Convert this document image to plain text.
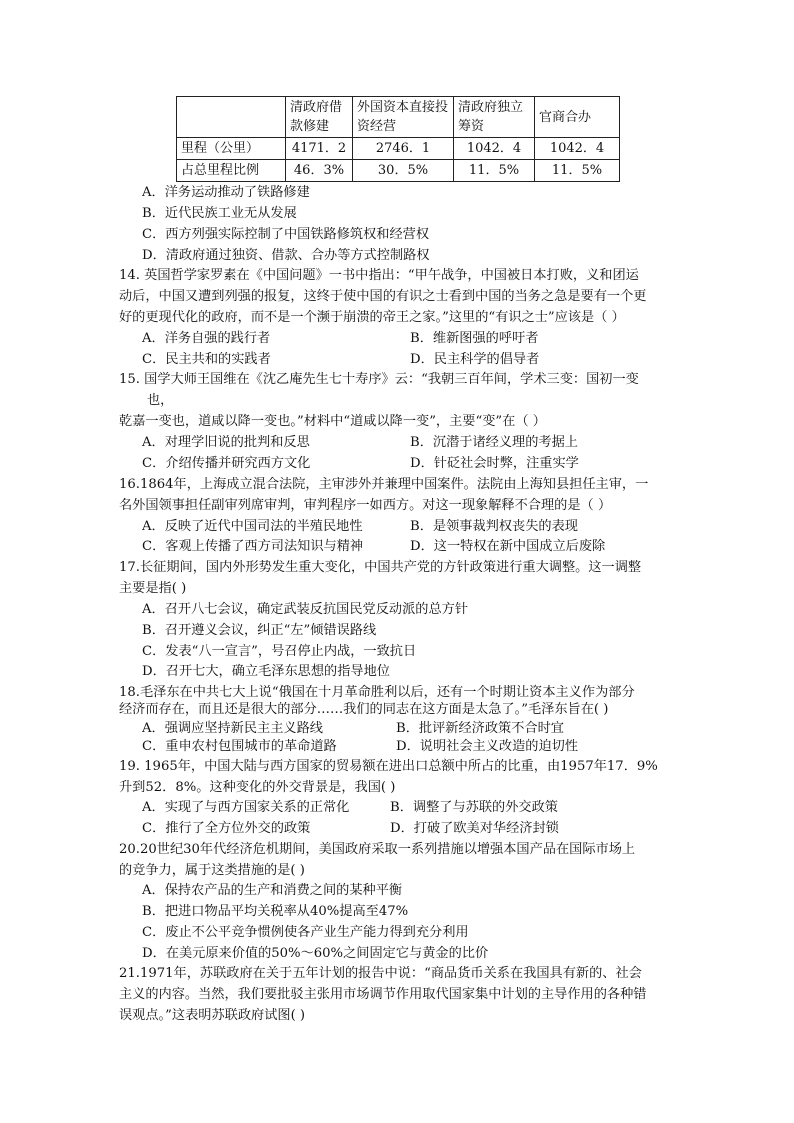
	清政府借款修建	外国资本直接投资经营	清政府独立筹资	官商合办
里程（公里）	4171．2	2746．1	1042．4	1042．4
占总里程比例	46．3%	30．5%	11．5%	11．5%
A．洋务运动推动了铁路修建
B．近代民族工业无从发展
C．西方列强实际控制了中国铁路修筑权和经营权
D．清政府通过独资、借款、合办等方式控制路权
14. 英国哲学家罗素在《中国问题》一书中指出：“甲午战争，中国被日本打败，义和团运
动后，中国又遭到列强的报复，这终于使中国的有识之士看到中国的当务之急是要有一个更
好的更现代化的政府，而不是一个濒于崩溃的帝王之家。”这里的“有识之士”应该是（ ）
A．洋务自强的践行者	B．维新图强的呼吁者
C．民主共和的实践者	D．民主科学的倡导者
15. 国学大师王国维在《沈乙庵先生七十寿序》云：“我朝三百年间，学术三变：国初一变
也，
乾嘉一变也，道咸以降一变也。”材料中“道咸以降一变”，主要“变”在（ ）
A．对理学旧说的批判和反思	B．沉潜于诸经义理的考据上
C．介绍传播并研究西方文化	D．针砭社会时弊，注重实学
16.1864年，上海成立混合法院，主审涉外并兼理中国案件。法院由上海知县担任主审，一
名外国领事担任副审列席审判，审判程序一如西方。对这一现象解释不合理的是（ ）
A．反映了近代中国司法的半殖民地性	B．是领事裁判权丧失的表现
C．客观上传播了西方司法知识与精神	D．这一特权在新中国成立后废除
17.长征期间，国内外形势发生重大变化，中国共产党的方针政策进行重大调整。这一调整
主要是指( )
A．召开八七会议，确定武装反抗国民党反动派的总方针
B．召开遵义会议，纠正“左”倾错误路线
C．发表“八一宣言”，号召停止内战，一致抗日
D．召开七大，确立毛泽东思想的指导地位
18.毛泽东在中共七大上说“俄国在十月革命胜利以后，还有一个时期让资本主义作为部分
经济而存在，而且还是很大的部分……我们的同志在这方面是太急了。”毛泽东旨在( )
A．强调应坚持新民主主义路线	B．批评新经济政策不合时宜
C．重申农村包围城市的革命道路	D．说明社会主义改造的迫切性
19. 1965年，中国大陆与西方国家的贸易额在进出口总额中所占的比重，由1957年17．9%
升到52．8%。这种变化的外交背景是，我国( )
A．实现了与西方国家关系的正常化	B．调整了与苏联的外交政策
C．推行了全方位外交的政策	D．打破了欧美对华经济封锁
20.20世纪30年代经济危机期间，美国政府采取一系列措施以增强本国产品在国际市场上
的竞争力，属于这类措施的是( )
A．保持农产品的生产和消费之间的某种平衡
B．把进口物品平均关税率从40%提高至47%
C．废止不公平竞争惯例使各产业生产能力得到充分利用
D．在美元原来价值的50%～60%之间固定它与黄金的比价
21.1971年，苏联政府在关于五年计划的报告中说：“商品货币关系在我国具有新的、社会
主义的内容。当然，我们要批驳主张用市场调节作用取代国家集中计划的主导作用的各种错
误观点。”这表明苏联政府试图( )
